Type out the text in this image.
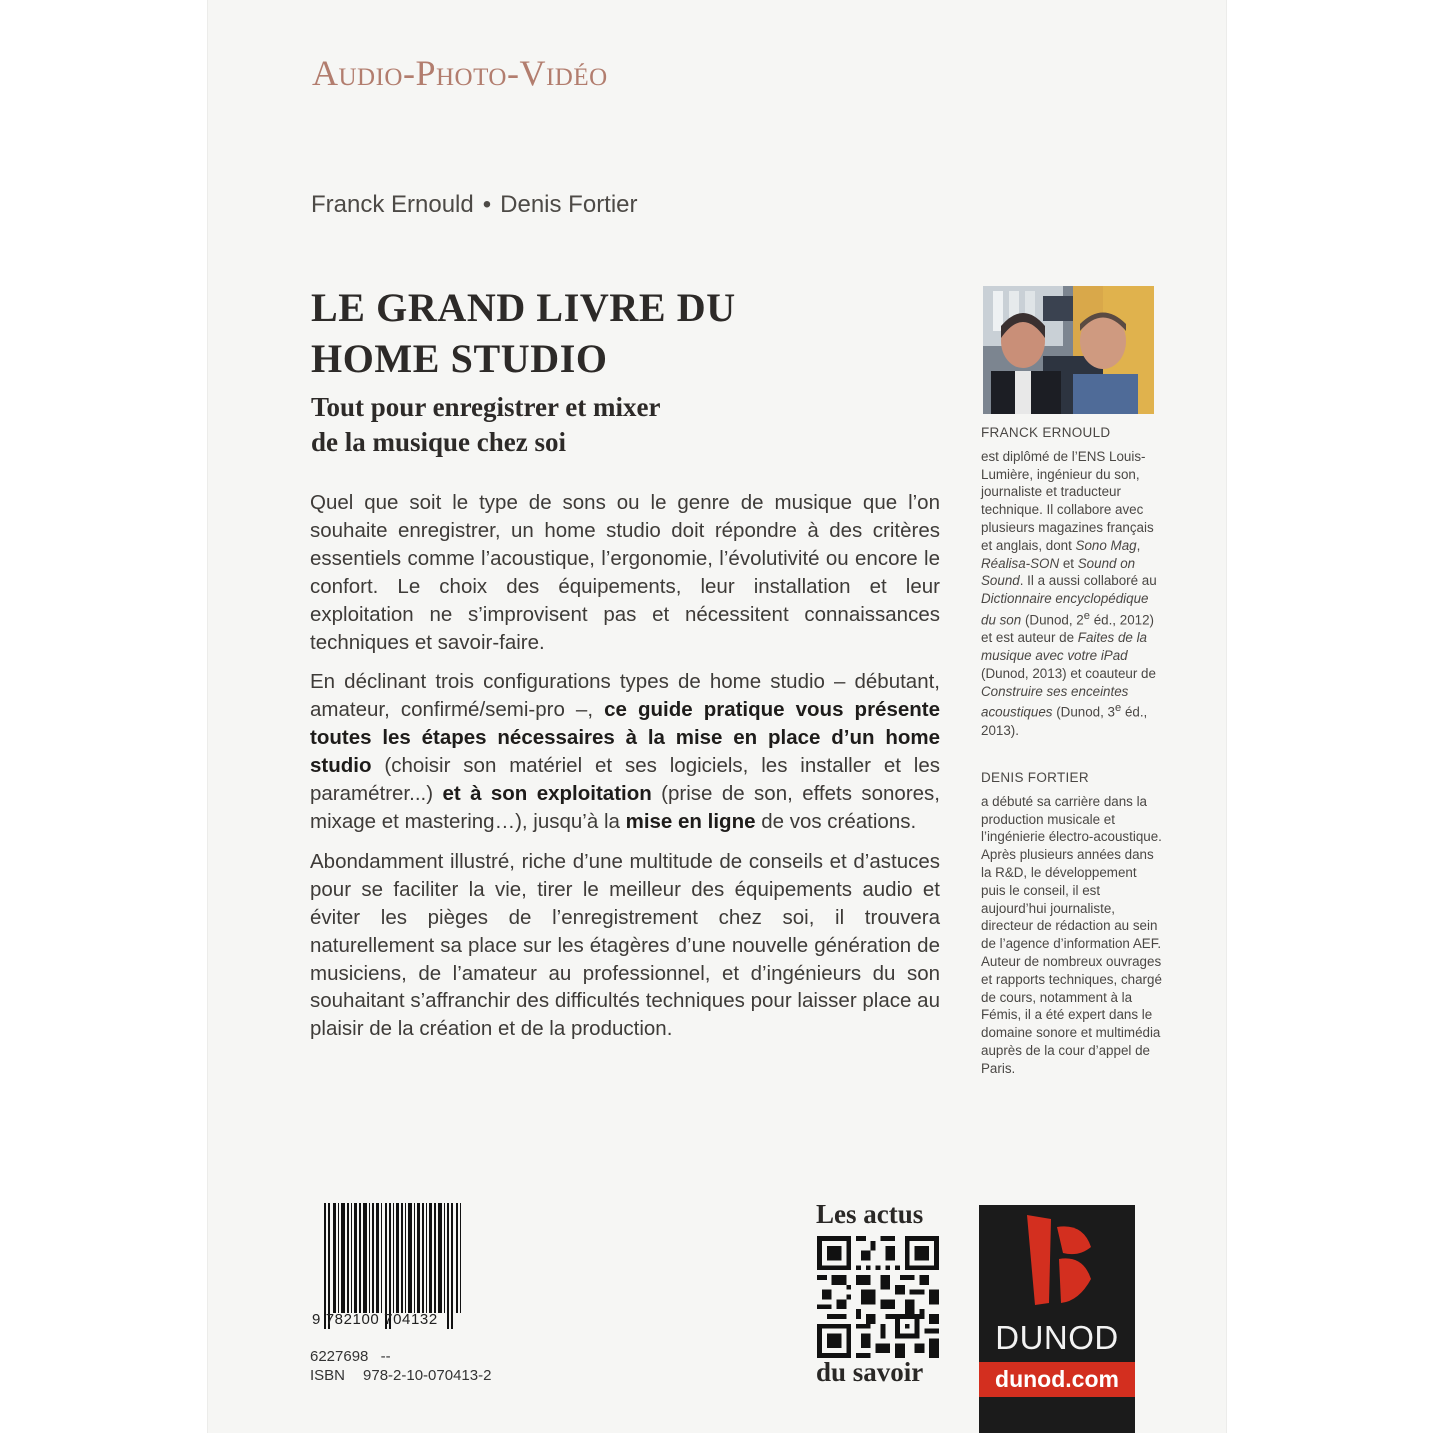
Audio-Photo-Vidéo
Franck Ernould • Denis Fortier
LE GRAND LIVRE DU
HOME STUDIO
Tout pour enregistrer et mixer
de la musique chez soi

Quel que soit le type de sons ou le genre de musique que l’on souhaite enregistrer, un home studio doit répondre à des critères essentiels comme l’acoustique, l’ergonomie, l’évolutivité ou encore le confort. Le choix des équipements, leur installation et leur exploitation ne s’improvisent pas et nécessitent connaissances techniques et savoir-faire.

En déclinant trois configurations types de home studio – débutant, amateur, confirmé/semi-pro –, ce guide pratique vous présente toutes les étapes nécessaires à la mise en place d’un home studio (choisir son matériel et ses logiciels, les installer et les paramétrer...) et à son exploitation (prise de son, effets sonores, mixage et mastering…), jusqu’à la mise en ligne de vos créations.

Abondamment illustré, riche d’une multitude de conseils et d’astuces pour se faciliter la vie, tirer le meilleur des équipements audio et éviter les pièges de l’enregistrement chez soi, il trouvera naturellement sa place sur les étagères d’une nouvelle génération de musiciens, de l’amateur au professionnel, et d’ingénieurs du son souhaitant s’affranchir des difficultés techniques pour laisser place au plaisir de la création et de la production.

FRANCK ERNOULD

est diplômé de l’ENS Louis-Lumière, ingénieur du son, journaliste et traducteur technique. Il collabore avec plusieurs magazines français et anglais, dont Sono Mag, Réalisa-SON et Sound on Sound. Il a aussi collaboré au Dictionnaire encyclopédique du son (Dunod, 2e éd., 2012) et est auteur de Faites de la musique avec votre iPad (Dunod, 2013) et coauteur de Construire ses enceintes acoustiques (Dunod, 3e éd., 2013).

DENIS FORTIER

a débuté sa carrière dans la production musicale et l’ingénierie électro-acoustique. Après plusieurs années dans la R&D, le développement puis le conseil, il est aujourd’hui journaliste, directeur de rédaction au sein de l’agence d’information AEF. Auteur de nombreux ouvrages et rapports techniques, chargé de cours, notamment à la Fémis, il a été expert dans le domaine sonore et multimédia auprès de la cour d’appel de Paris.

9 782100 704132
6227698 --
ISBN 978-2-10-070413-2
Les actus
du savoir
DUNOD
dunod.com
